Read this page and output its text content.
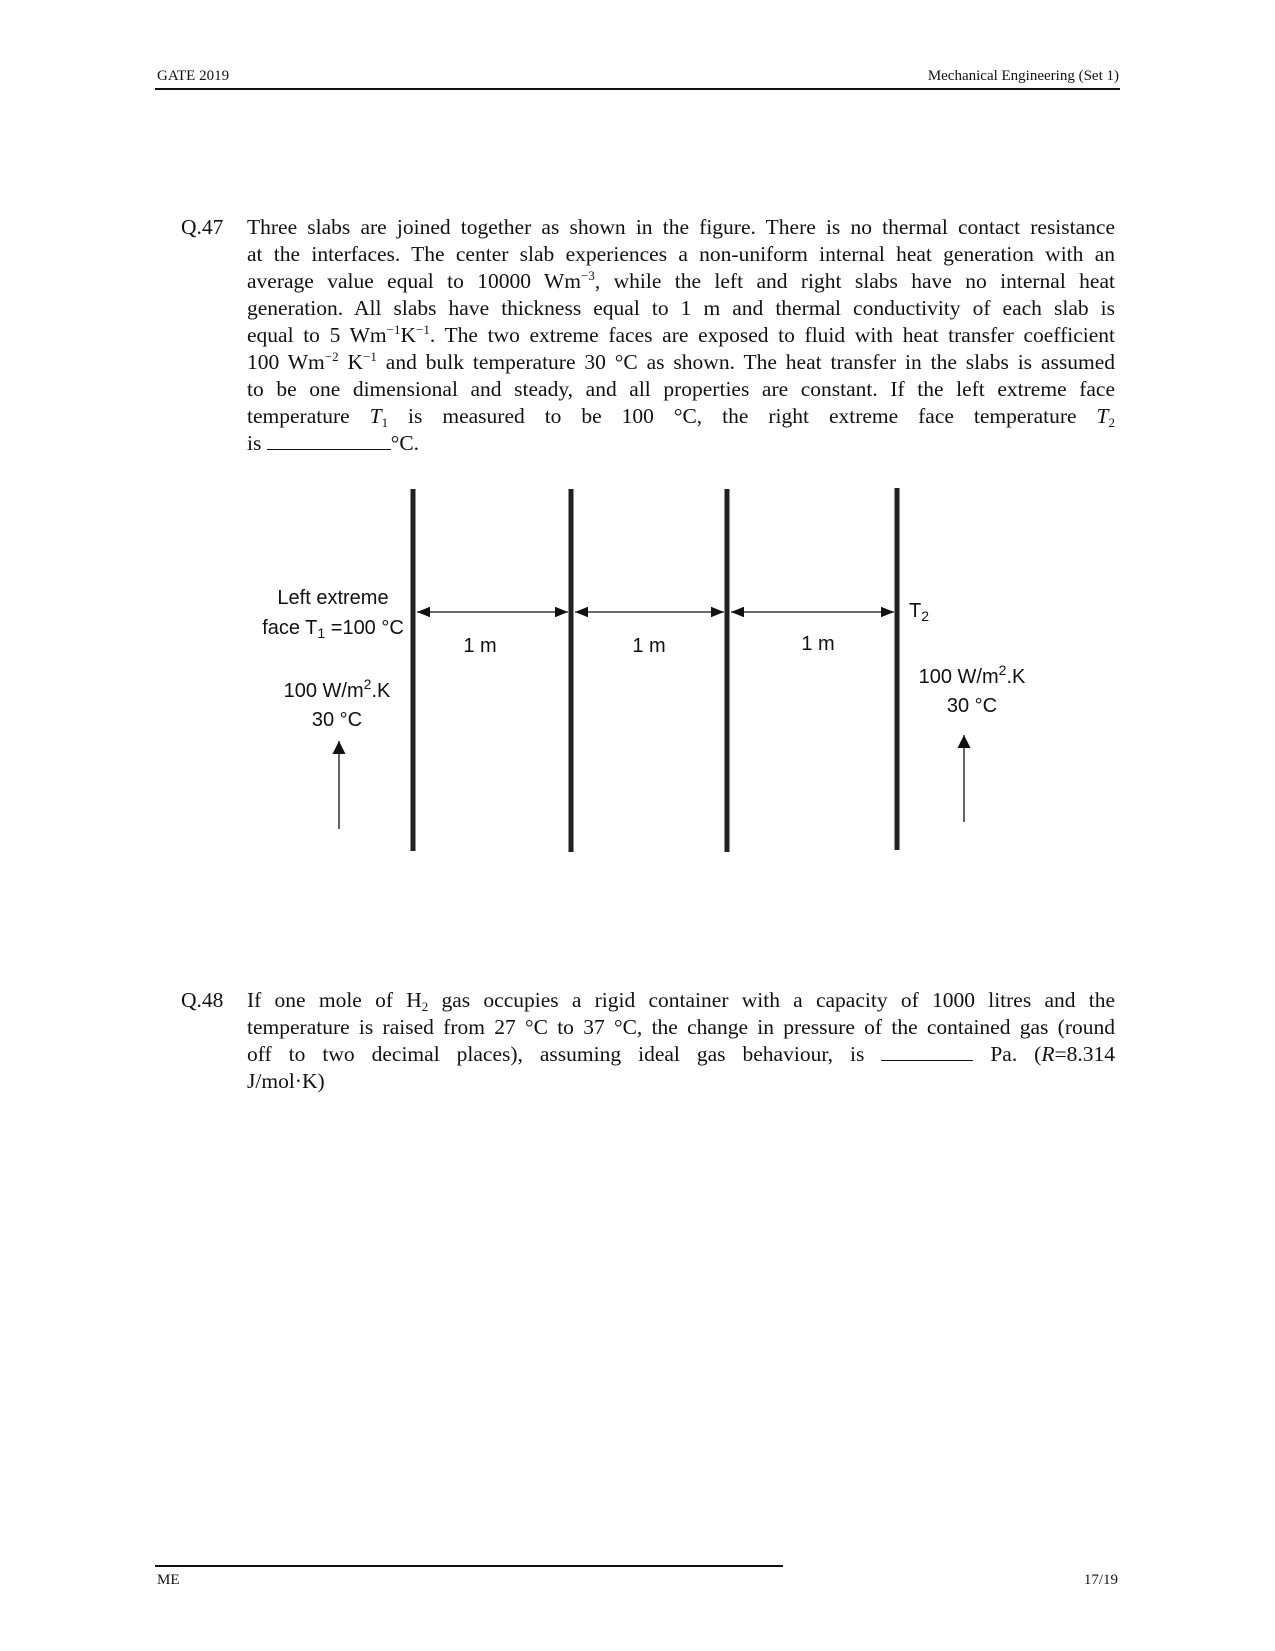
GATE 2019	Mechanical Engineering (Set 1)
Q.47 Three slabs are joined together as shown in the figure. There is no thermal contact resistance
at the interfaces. The center slab experiences a non-uniform internal heat generation with an
average value equal to 10000 $Wm^{-3}$, while the left and right slabs have no internal heat
generation. All slabs have thickness equal to 1 m and thermal conductivity of each slab is
equal to 5 $Wm^{-1}K^{-1}$. The two extreme faces are exposed to fluid with heat transfer coefficient
100 $Wm^{-2}$ $K^{-1}$ and bulk temperature 30 °C as shown. The heat transfer in the slabs is assumed
to be one dimensional and steady, and all properties are constant. If the left extreme face
temperature $T_1$ is measured to be 100 °C, the right extreme face temperature $T_2$
is	°C.
1 m	1 m	1 m
Left extreme
face $T_1 =100$ °C
100 $W/m^2.K$
30 °C
$T_2$
100 $W/m^2.K$
30 °C
Q.48 If one mole of $H_2$ gas occupies a rigid container with a capacity of 1000 litres and the
temperature is raised from 27 °C to 37 °C, the change in pressure of the contained gas (round
off to two decimal places), assuming ideal gas behaviour, is	Pa. (R=8.314
J/mol·K)
ME	17/19
